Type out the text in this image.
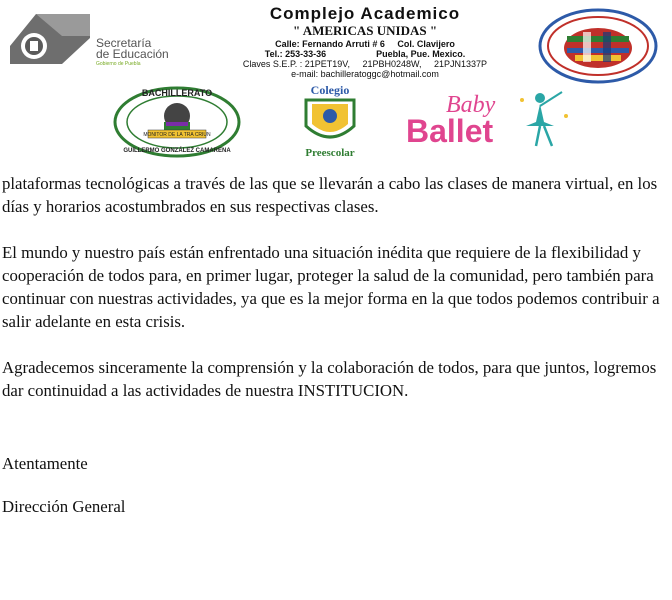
Secretaría
de Educación
Gobierno de Puebla
Complejo Academico
" AMERICAS UNIDAS "
Calle: Fernando Arruti # 6     Col. Clavijero
Tel.: 253-33-36                    Puebla, Pue. Mexico.
Claves S.E.P. : 21PET19V,     21PBH0248W,     21PJN1337P
e-mail: bachilleratoggc@hotmail.com
MONITOR DE LA TRA CRIUN
BACHILLERATO
GUILLERMO GONZÁLEZ CAMARENA
Colegio
Preescolar
Baby
Ballet

plataformas tecnológicas a través de las que se llevarán a cabo las clases de manera virtual, en los días y horarios acostumbrados en sus respectivas clases.

El mundo y nuestro país están enfrentado una situación inédita que requiere de la flexibilidad y cooperación de todos para, en primer lugar, proteger la salud de la comunidad, pero también para continuar con nuestras actividades, ya que es la mejor forma en la que todos podemos contribuir a salir adelante en esta crisis.

Agradecemos sinceramente la comprensión y la colaboración de todos, para que juntos, logremos dar continuidad a las actividades de nuestra INSTITUCION.

Atentamente
Dirección General
